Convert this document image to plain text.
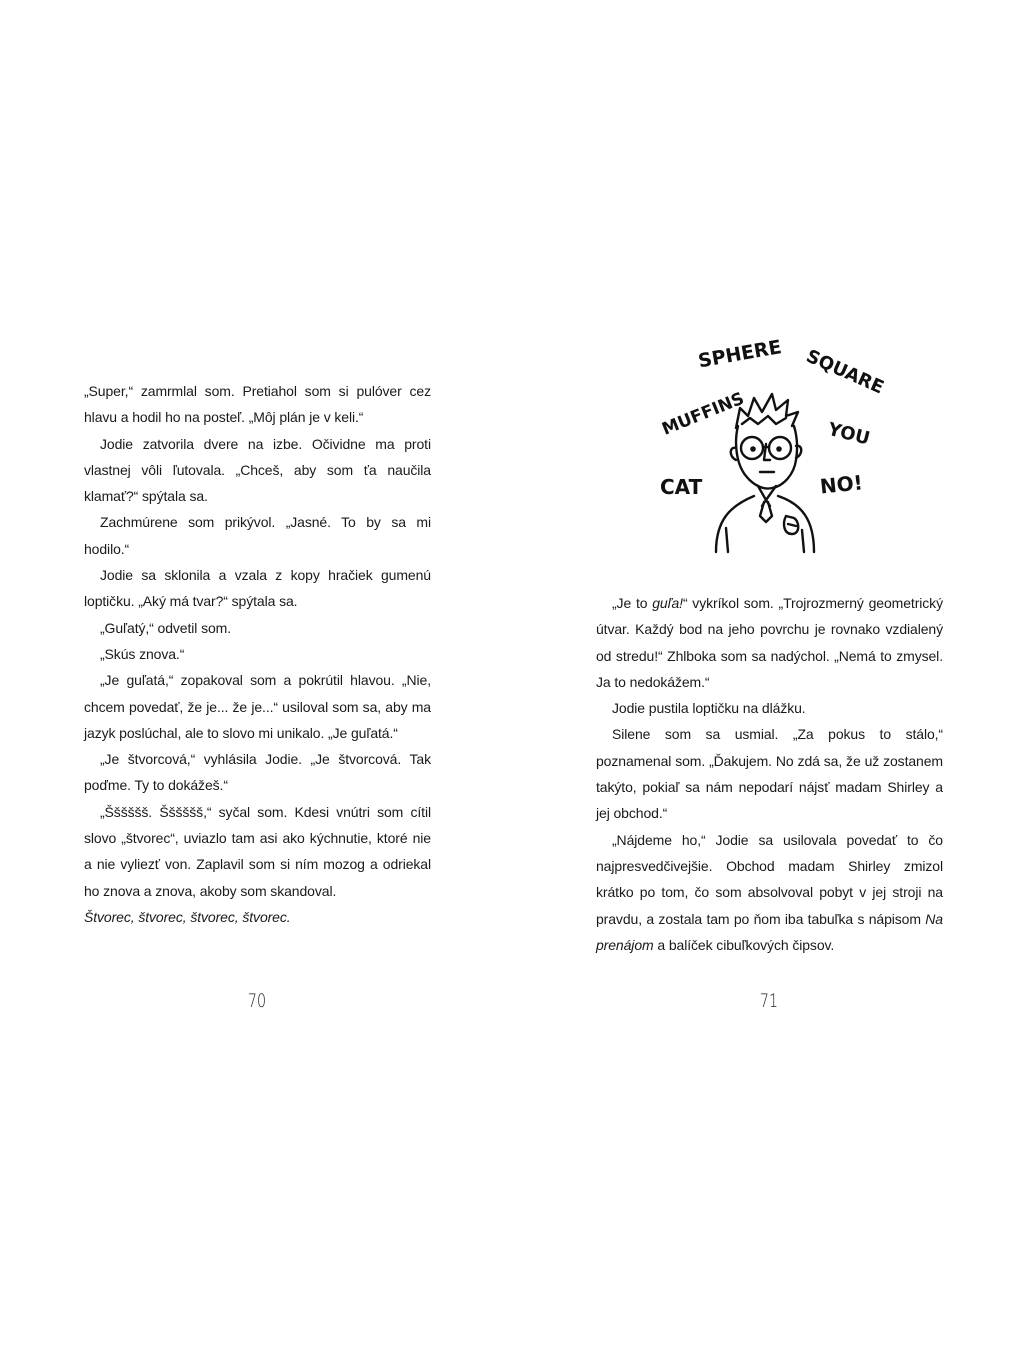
„Super,“ zamrmlal som. Pretiahol som si pulóver cez hlavu a hodil ho na posteľ. „Môj plán je v keli.“

Jodie zatvorila dvere na izbe. Očividne ma proti vlastnej vôli ľutovala. „Chceš, aby som ťa naučila klamať?“ spýtala sa.

Zachmúrene som prikývol. „Jasné. To by sa mi hodilo.“

Jodie sa sklonila a vzala z kopy hračiek gumenú loptičku. „Aký má tvar?“ spýtala sa.

„Guľatý,“ odvetil som.

„Skús znova.“

„Je guľatá,“ zopakoval som a pokrútil hlavou. „Nie, chcem povedať, že je... že je...“ usiloval som sa, aby ma jazyk poslúchal, ale to slovo mi unikalo. „Je guľatá.“

„Je štvorcová,“ vyhlásila Jodie. „Je štvorcová. Tak poďme. Ty to dokážeš.“

„Šššššš. Šššššš,“ syčal som. Kdesi vnútri som cítil slovo „štvorec“, uviazlo tam asi ako kýchnutie, ktoré nie a nie vyliezť von. Zaplavil som si ním mozog a odriekal ho znova a znova, akoby som skandoval.

Štvorec, štvorec, štvorec, štvorec.

70
SPHERE SQUARE
MUFFINS	YOU
CAT	NO!

„Je to guľa!“ vykríkol som. „Trojrozmerný geometrický útvar. Každý bod na jeho povrchu je rovnako vzdialený od stredu!“ Zhlboka som sa nadýchol. „Nemá to zmysel. Ja to nedokážem.“

Jodie pustila loptičku na dlážku.

Silene som sa usmial. „Za pokus to stálo,“ poznamenal som. „Ďakujem. No zdá sa, že už zostanem takýto, pokiaľ sa nám nepodarí nájsť madam Shirley a jej obchod.“

„Nájdeme ho,“ Jodie sa usilovala povedať to čo najpresvedčivejšie. Obchod madam Shirley zmizol krátko po tom, čo som absolvoval pobyt v jej stroji na pravdu, a zostala tam po ňom iba tabuľka s nápisom Na prenájom a balíček cibuľkových čipsov.

71
